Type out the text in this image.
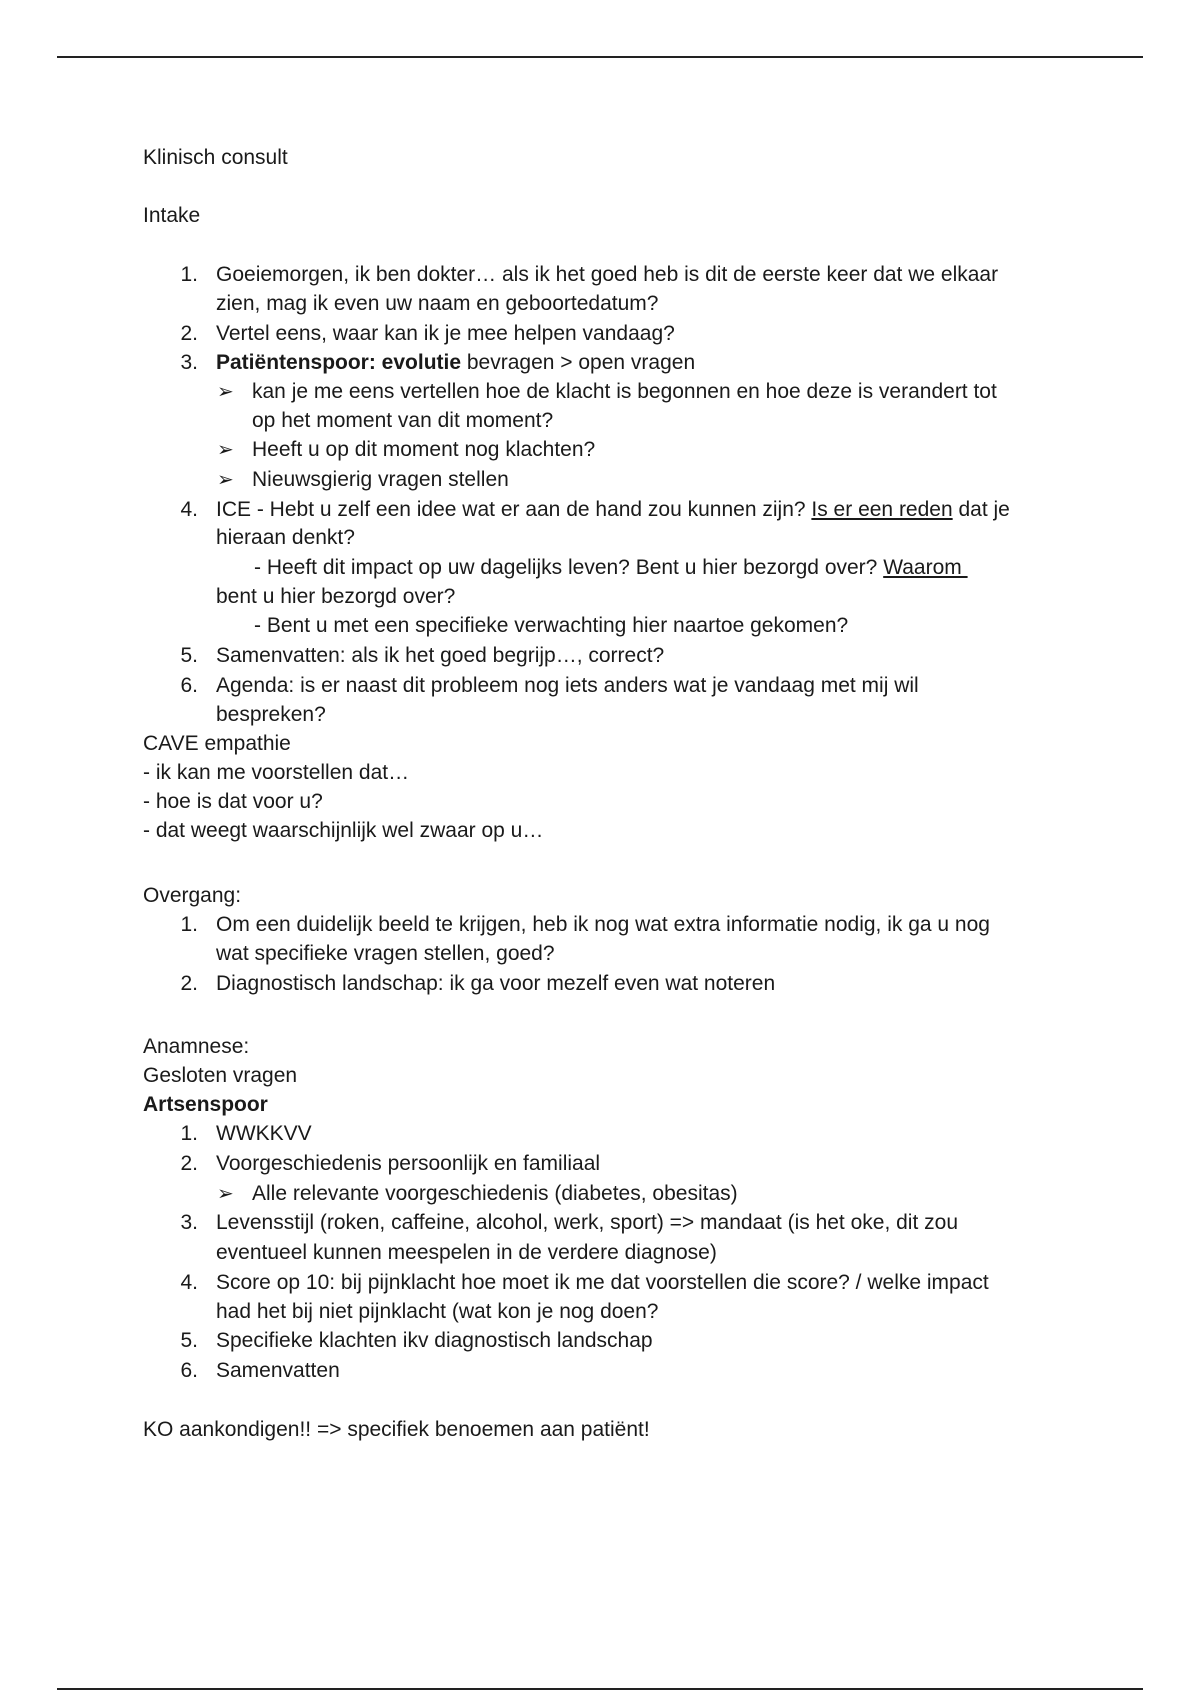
Klinisch consult
Intake
1. Goeiemorgen, ik ben dokter… als ik het goed heb is dit de eerste keer dat we elkaar
zien, mag ik even uw naam en geboortedatum?
2. Vertel eens, waar kan ik je mee helpen vandaag?
3. Patiëntenspoor: evolutie bevragen > open vragen
➢ kan je me eens vertellen hoe de klacht is begonnen en hoe deze is verandert tot
op het moment van dit moment?
➢ Heeft u op dit moment nog klachten?
➢ Nieuwsgierig vragen stellen
4. ICE - Hebt u zelf een idee wat er aan de hand zou kunnen zijn? Is er een reden dat je
hieraan denkt?
- Heeft dit impact op uw dagelijks leven? Bent u hier bezorgd over? Waarom
bent u hier bezorgd over?
- Bent u met een specifieke verwachting hier naartoe gekomen?
5. Samenvatten: als ik het goed begrijp…, correct?
6. Agenda: is er naast dit probleem nog iets anders wat je vandaag met mij wil
bespreken?
CAVE empathie
- ik kan me voorstellen dat…
- hoe is dat voor u?
- dat weegt waarschijnlijk wel zwaar op u…
Overgang:
1. Om een duidelijk beeld te krijgen, heb ik nog wat extra informatie nodig, ik ga u nog
wat specifieke vragen stellen, goed?
2. Diagnostisch landschap: ik ga voor mezelf even wat noteren
Anamnese:
Gesloten vragen
Artsenspoor
1. WWKKVV
2. Voorgeschiedenis persoonlijk en familiaal
➢ Alle relevante voorgeschiedenis (diabetes, obesitas)
3. Levensstijl (roken, caffeine, alcohol, werk, sport) => mandaat (is het oke, dit zou
eventueel kunnen meespelen in de verdere diagnose)
4. Score op 10: bij pijnklacht hoe moet ik me dat voorstellen die score? / welke impact
had het bij niet pijnklacht (wat kon je nog doen?
5. Specifieke klachten ikv diagnostisch landschap
6. Samenvatten
KO aankondigen!! => specifiek benoemen aan patiënt!
